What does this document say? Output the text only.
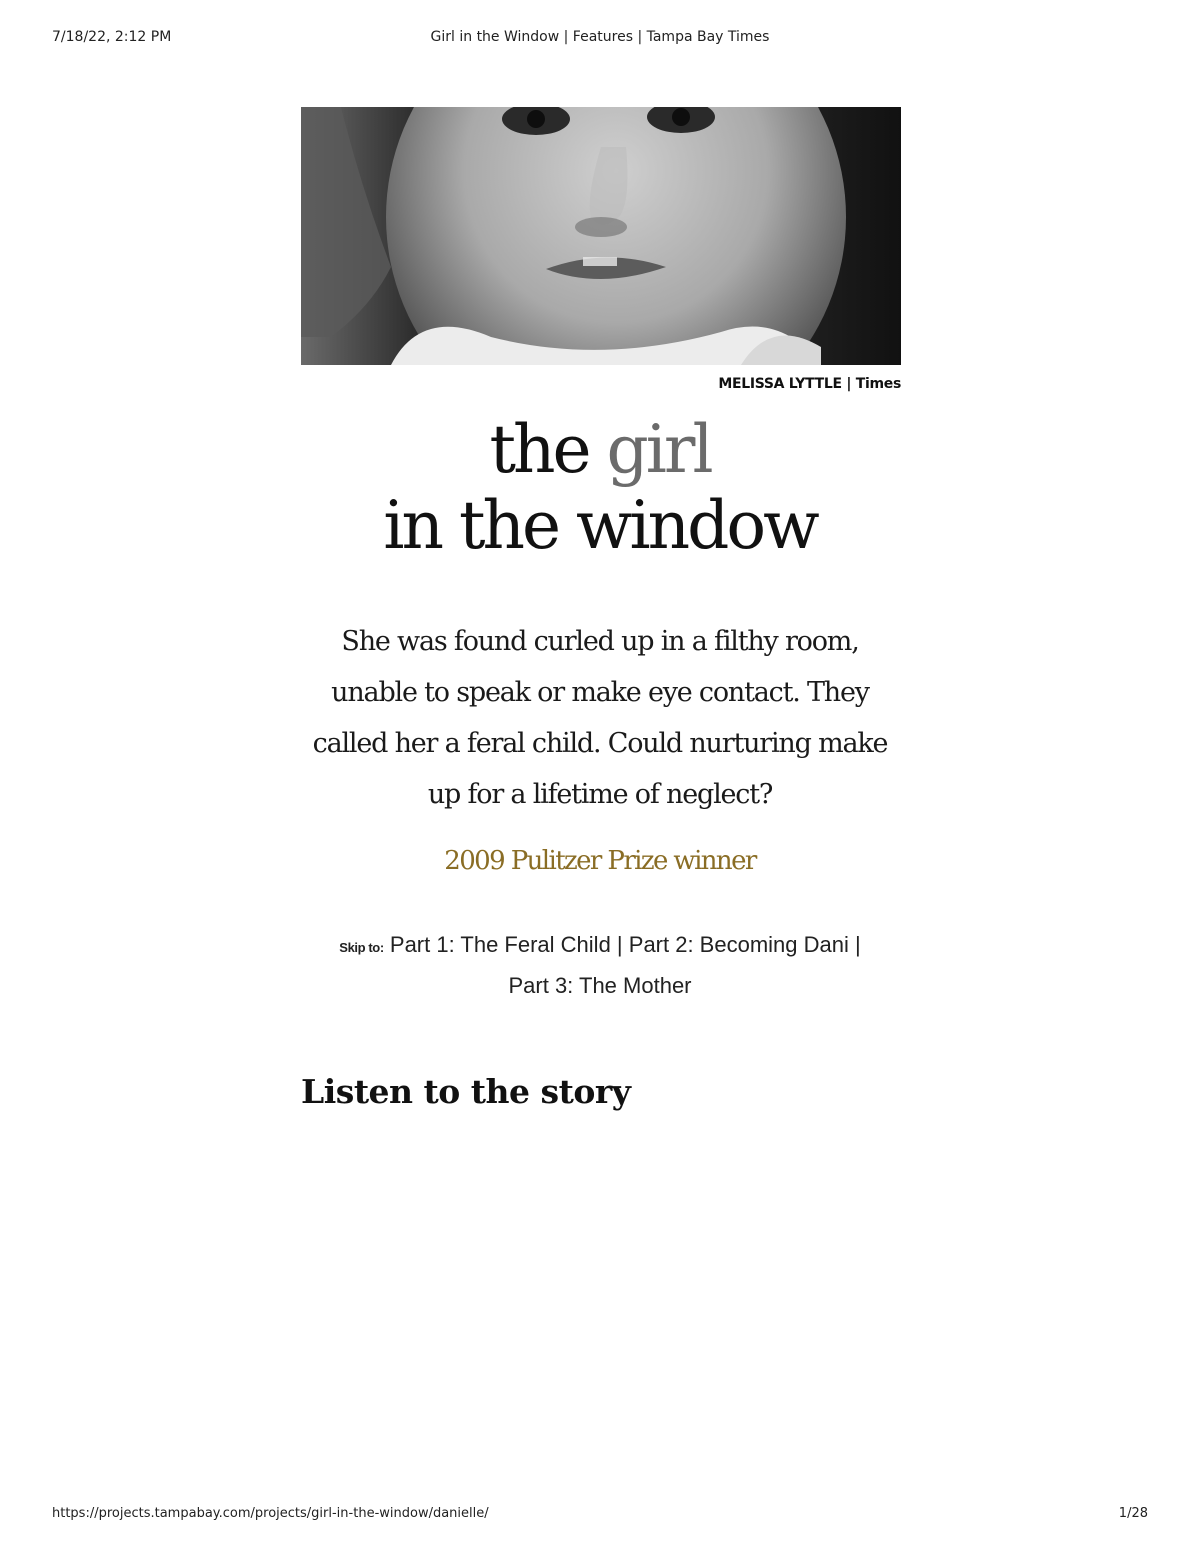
7/18/22, 2:12 PM	Girl in the Window | Features | Tampa Bay Times
MELISSA LYTTLE | Times
the girl
in the window

She was found curled up in a filthy room, unable to speak or make eye contact. They called her a feral child. Could nurturing make up for a lifetime of neglect?

2009 Pulitzer Prize winner
Skip to: Part 1: The Feral Child | Part 2: Becoming Dani |
Part 3: The Mother
Listen to the story
https://projects.tampabay.com/projects/girl-in-the-window/danielle/	1/28
